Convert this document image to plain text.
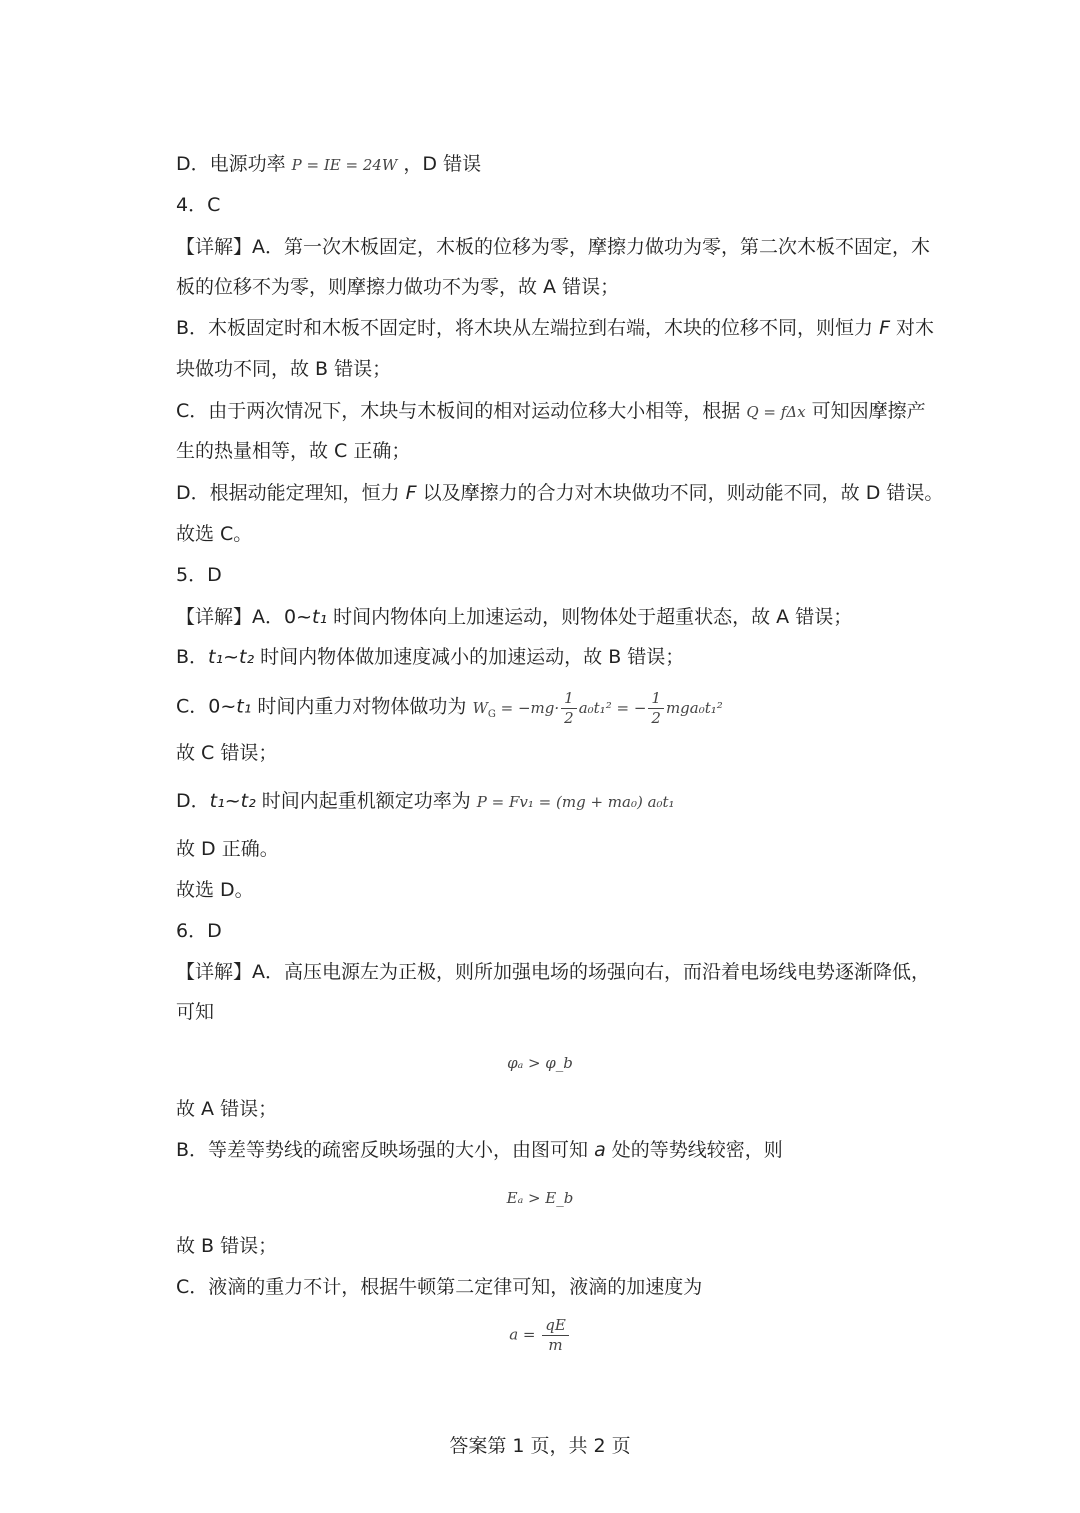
D．电源功率 P = IE = 24W ，D 错误
4．C
【详解】A．第一次木板固定，木板的位移为零，摩擦力做功为零，第二次木板不固定，木
板的位移不为零，则摩擦力做功不为零，故 A 错误；
B．木板固定时和木板不固定时，将木块从左端拉到右端，木块的位移不同，则恒力 F 对木
块做功不同，故 B 错误；
C．由于两次情况下，木块与木板间的相对运动位移大小相等，根据 Q = fΔx 可知因摩擦产
生的热量相等，故 C 正确；
D．根据动能定理知，恒力 F 以及摩擦力的合力对木块做功不同，则动能不同，故 D 错误。
故选 C。
5．D
【详解】A．0~t₁ 时间内物体向上加速运动，则物体处于超重状态，故 A 错误；
B．t₁~t₂ 时间内物体做加速度减小的加速运动，故 B 错误；
C．0~t₁ 时间内重力对物体做功为 $W_G = -mg\cdot \frac{1}{2} a_0t_1^2$ = − $\frac{1}{2} mga_0t_1^2$
故 C 错误；
D．t₁~t₂ 时间内起重机额定功率为 P = Fv₁ = (mg + ma₀) a₀t₁
故 D 正确。
故选 D。
6．D
【详解】A．高压电源左为正极，则所加强电场的场强向右，而沿着电场线电势逐渐降低，
可知
φₐ > φ_b
故 A 错误；
B．等差等势线的疏密反映场强的大小，由图可知 a 处的等势线较密，则
Eₐ > E_b
故 B 错误；
C．液滴的重力不计，根据牛顿第二定律可知，液滴的加速度为
$a = \frac{qE}{m}$
答案第 1 页，共 2 页
